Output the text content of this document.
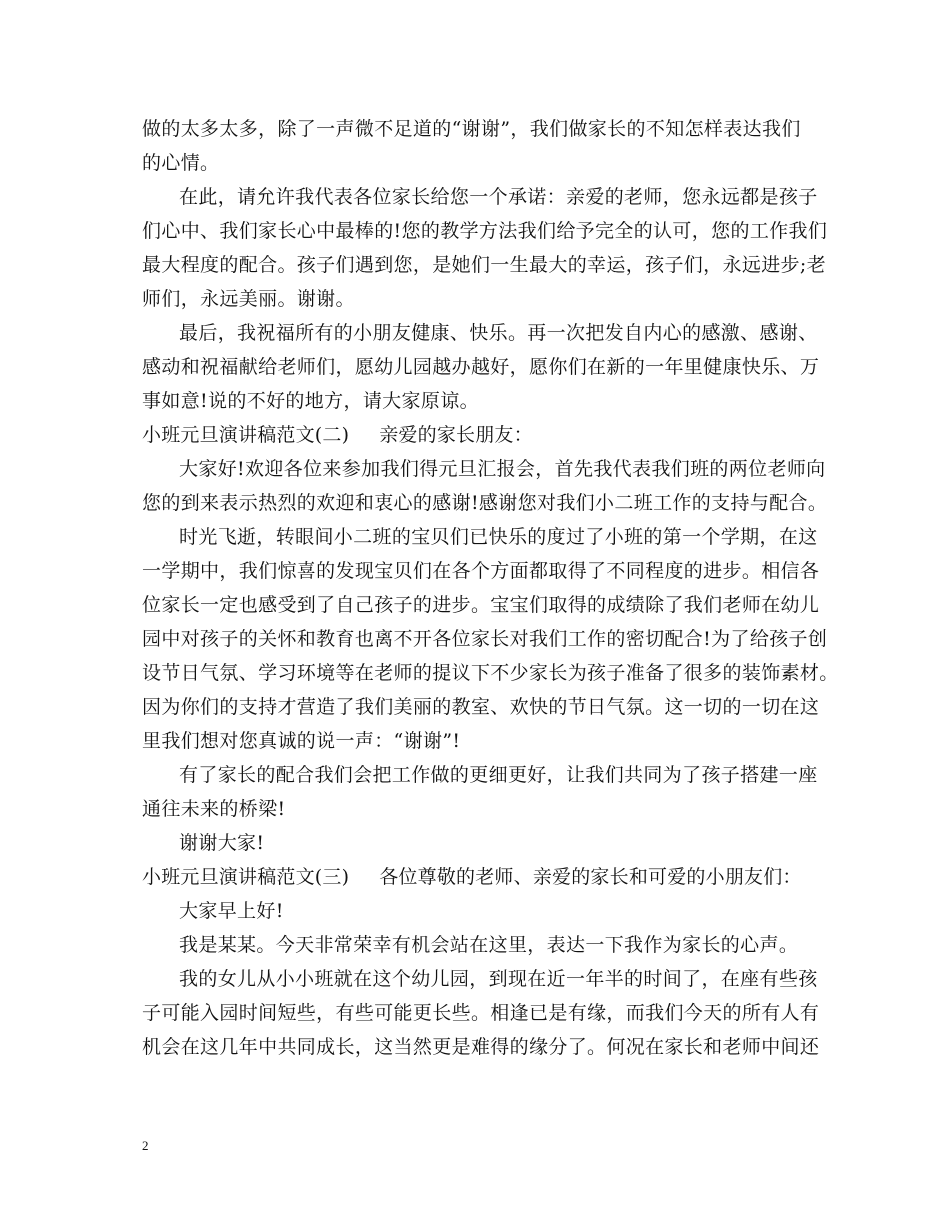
做的太多太多，除了一声微不足道的“谢谢”，我们做家长的不知怎样表达我们
的心情。
在此，请允许我代表各位家长给您一个承诺：亲爱的老师，您永远都是孩子
们心中、我们家长心中最棒的!您的教学方法我们给予完全的认可，您的工作我们
最大程度的配合。孩子们遇到您，是她们一生最大的幸运，孩子们，永远进步;老
师们，永远美丽。谢谢。
最后，我祝福所有的小朋友健康、快乐。再一次把发自内心的感激、感谢、
感动和祝福献给老师们，愿幼儿园越办越好，愿你们在新的一年里健康快乐、万
事如意!说的不好的地方，请大家原谅。
小班元旦演讲稿范文(二) 亲爱的家长朋友：
大家好!欢迎各位来参加我们得元旦汇报会，首先我代表我们班的两位老师向
您的到来表示热烈的欢迎和衷心的感谢!感谢您对我们小二班工作的支持与配合。
时光飞逝，转眼间小二班的宝贝们已快乐的度过了小班的第一个学期，在这
一学期中，我们惊喜的发现宝贝们在各个方面都取得了不同程度的进步。相信各
位家长一定也感受到了自己孩子的进步。宝宝们取得的成绩除了我们老师在幼儿
园中对孩子的关怀和教育也离不开各位家长对我们工作的密切配合!为了给孩子创
设节日气氛、学习环境等在老师的提议下不少家长为孩子准备了很多的装饰素材。
因为你们的支持才营造了我们美丽的教室、欢快的节日气氛。这一切的一切在这
里我们想对您真诚的说一声：“谢谢”!
有了家长的配合我们会把工作做的更细更好，让我们共同为了孩子搭建一座
通往未来的桥梁!
谢谢大家!
小班元旦演讲稿范文(三) 各位尊敬的老师、亲爱的家长和可爱的小朋友们：
大家早上好!
我是某某。今天非常荣幸有机会站在这里，表达一下我作为家长的心声。
我的女儿从小小班就在这个幼儿园，到现在近一年半的时间了，在座有些孩
子可能入园时间短些，有些可能更长些。相逢已是有缘，而我们今天的所有人有
机会在这几年中共同成长，这当然更是难得的缘分了。何况在家长和老师中间还
2
